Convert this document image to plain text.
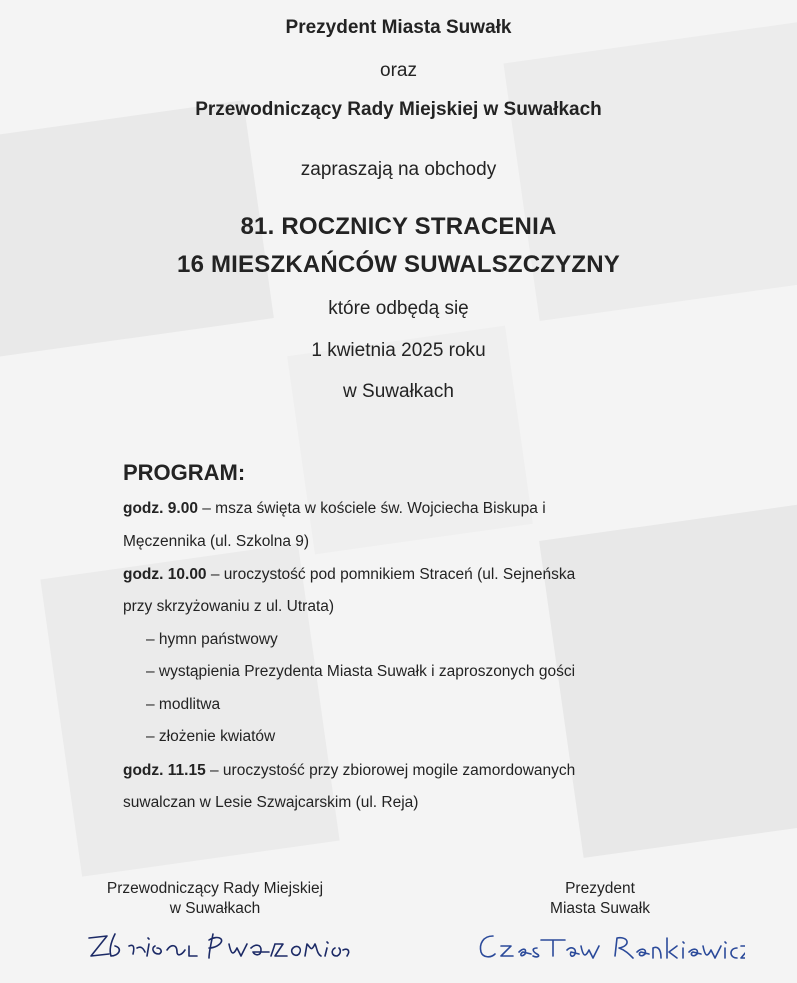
Prezydent Miasta Suwałk
oraz
Przewodniczący Rady Miejskiej w Suwałkach
zapraszają na obchody
81. ROCZNICY STRACENIA
16 MIESZKAŃCÓW SUWALSZCZYZNY
które odbędą się
1 kwietnia 2025 roku
w Suwałkach
PROGRAM:
godz. 9.00 – msza święta w kościele św. Wojciecha Biskupa i
Męczennika (ul. Szkolna 9)
godz. 10.00 – uroczystość pod pomnikiem Straceń (ul. Sejneńska
przy skrzyżowaniu z ul. Utrata)
– hymn państwowy
– wystąpienia Prezydenta Miasta Suwałk i zaproszonych gości
– modlitwa
– złożenie kwiatów
godz. 11.15 – uroczystość przy zbiorowej mogile zamordowanych
suwalczan w Lesie Szwajcarskim (ul. Reja)
Przewodniczący Rady Miejskiej
w Suwałkach
Prezydent
Miasta Suwałk
